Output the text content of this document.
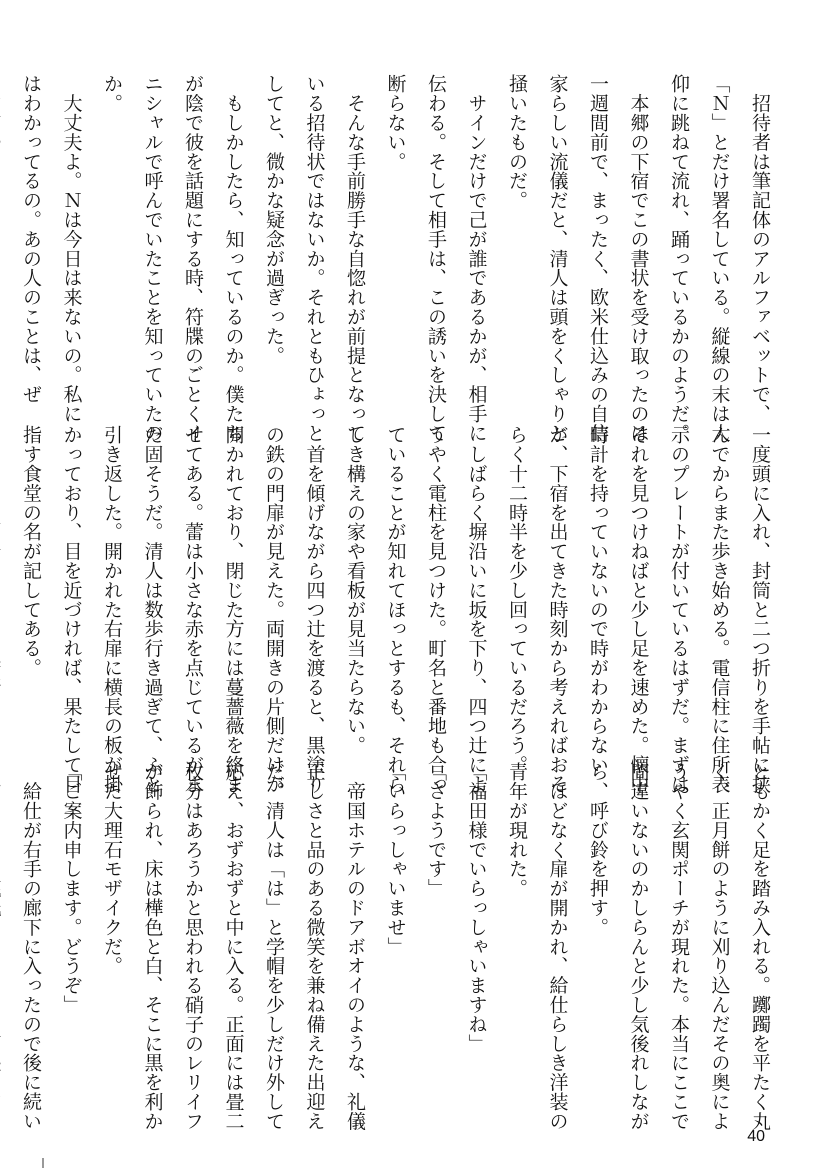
　招待者は筆記体のアルファベットで、
「Ｎ」とだけ署名している。縦線の末は大
仰に跳ねて流れ、踊っているかのようだ。
　本郷の下宿でこの書状を受け取ったのは
一週間前で、まったく、欧米仕込みの自信
家らしい流儀だと、清人は頭をくしゃりと
掻いたものだ。
　サインだけで己が誰であるかが、相手に
伝わる。そして相手は、この誘いを決して
断らない。
　そんな手前勝手な自惚れが前提となって
いる招待状ではないか。それともひょっと
してと、微かな疑念が過ぎった。
　もしかしたら、知っているのか。僕たち
が陰で彼を話題にする時、符牒のごとくイ
ニシャルで呼んでいたことを知っていたの
か。
　大丈夫よ。Ｎは今日は来ないの。私に
はわかってるの。あの人のことは、ぜ
一度頭に入れ、封筒と二つ折りを手帖に挟
んでからまた歩き始める。電信柱に住所表
示のプレートが付いているはずだ。まずは
それを見つけねばと少し足を速めた。懐中
時計を持っていないので時がわからない
が、下宿を出てきた時刻から考えればおそ
らく十二時半を少し回っているだろう。
　しばらく塀沿いに坂を下り、四つ辻によ
うやく電柱を見つけた。町名と番地も合っ
ていることが知れてほっとするも、それら
しき構えの家や看板が見当たらない。
　首を傾げながら四つ辻を渡ると、黒塗り
の鉄の門扉が見えた。両開きの片側だけが
開かれており、閉じた方には蔓薔薇を絡ま
せてある。蕾は小さな赤を点じているがま
だ固そうだ。清人は数歩行き過ぎて、ふと
引き返した。開かれた右扉に横長の板が掛
かっており、目を近づければ、果たして目
指す食堂の名が記してある。
ともかく足を踏み入れる。躑躅を平たく丸
く、正月餅のように刈り込んだその奥によ
うやく玄関ポーチが現れた。本当にここで
間違いないのかしらんと少し気後れしなが
ら、呼び鈴を押す。
　ほどなく扉が開かれ、給仕らしき洋装の
青年が現れた。
「福田様でいらっしゃいますね」
「さようです」
「いらっしゃいませ」
　帝国ホテルのドアボオイのような、礼儀
正しさと品のある微笑を兼ね備えた出迎え
だ。清人は「は」と学帽を少しだけ外して
応え、おずおずと中に入る。正面には畳二
枚分はあろうかと思われる硝子のレリイフ
が飾られ、床は樺色と白、そこに黒を利か
せた大理石モザイクだ。
「ご案内申します。どうぞ」
　給仕が右手の廊下に入ったので後に続い
40
